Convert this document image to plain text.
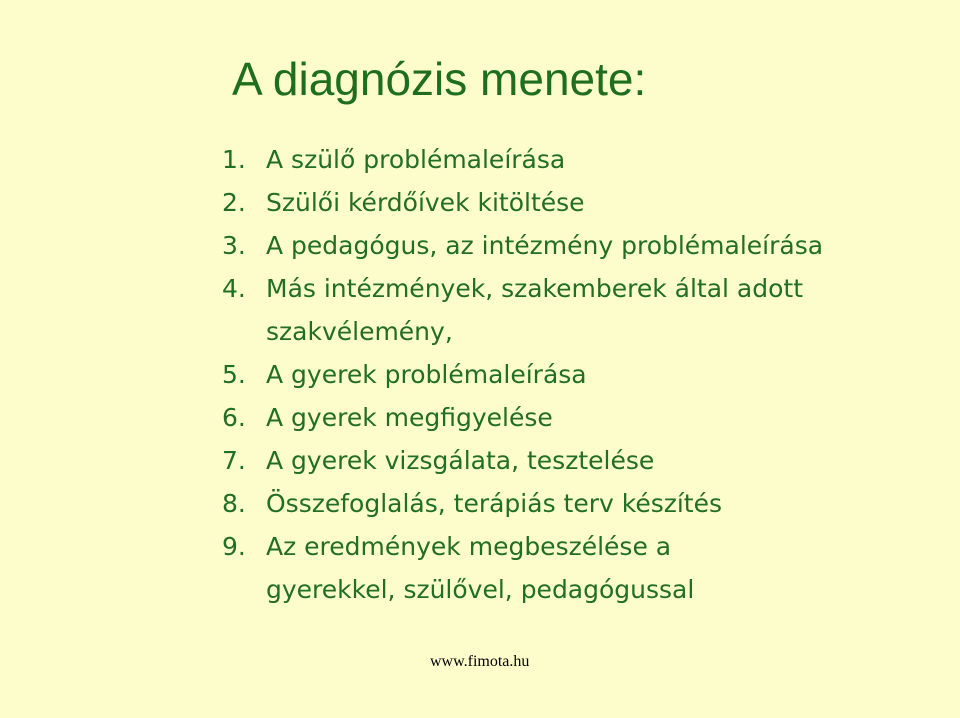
A diagnózis menete:
1. A szülő problémaleírása
2. Szülői kérdőívek kitöltése
3. A pedagógus, az intézmény problémaleírása
4. Más intézmények, szakemberek által adott
szakvélemény,
5. A gyerek problémaleírása
6. A gyerek megfigyelése
7. A gyerek vizsgálata, tesztelése
8. Összefoglalás, terápiás terv készítés
9. Az eredmények megbeszélése a
gyerekkel, szülővel, pedagógussal
www.fimota.hu
